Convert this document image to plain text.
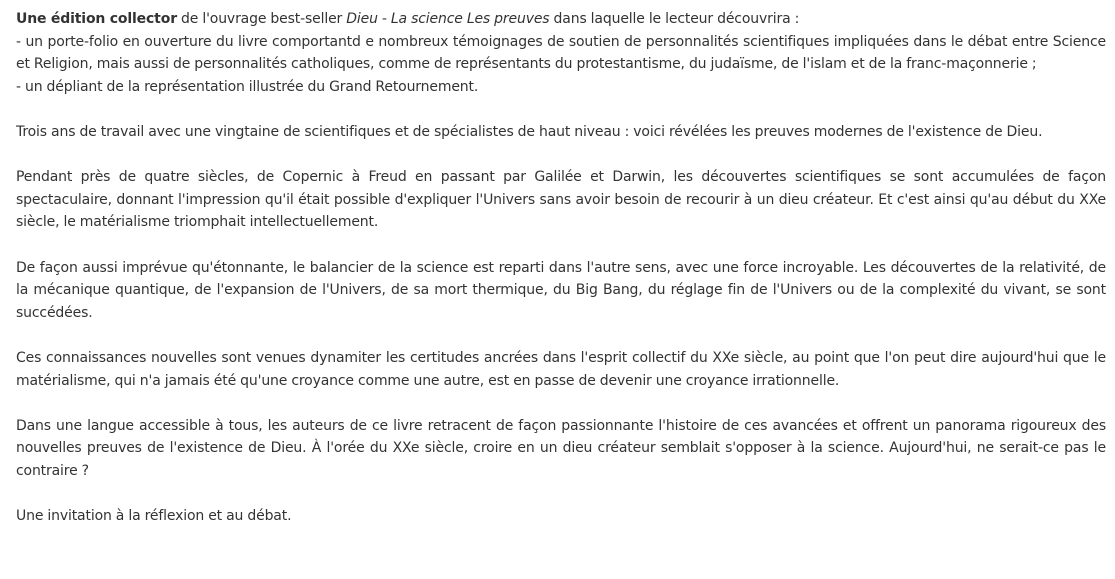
Une édition collector de l'ouvrage best-seller Dieu - La science Les preuves dans laquelle le lecteur découvrira :
- un porte-folio en ouverture du livre comportantd e nombreux témoignages de soutien de personnalités scientifiques impliquées dans le débat entre Science et Religion, mais aussi de personnalités catholiques, comme de représentants du protestantisme, du judaïsme, de l'islam et de la franc-maçonnerie ;
- un dépliant de la représentation illustrée du Grand Retournement.

Trois ans de travail avec une vingtaine de scientifiques et de spécialistes de haut niveau : voici révélées les preuves modernes de l'existence de Dieu.

Pendant près de quatre siècles, de Copernic à Freud en passant par Galilée et Darwin, les découvertes scientifiques se sont accumulées de façon spectaculaire, donnant l'impression qu'il était possible d'expliquer l'Univers sans avoir besoin de recourir à un dieu créateur. Et c'est ainsi qu'au début du XXe siècle, le matérialisme triomphait intellectuellement.

De façon aussi imprévue qu'étonnante, le balancier de la science est reparti dans l'autre sens, avec une force incroyable. Les découvertes de la relativité, de la mécanique quantique, de l'expansion de l'Univers, de sa mort thermique, du Big Bang, du réglage fin de l'Univers ou de la complexité du vivant, se sont succédées.

Ces connaissances nouvelles sont venues dynamiter les certitudes ancrées dans l'esprit collectif du XXe siècle, au point que l'on peut dire aujourd'hui que le matérialisme, qui n'a jamais été qu'une croyance comme une autre, est en passe de devenir une croyance irrationnelle.

Dans une langue accessible à tous, les auteurs de ce livre retracent de façon passionnante l'histoire de ces avancées et offrent un panorama rigoureux des nouvelles preuves de l'existence de Dieu. À l'orée du XXe siècle, croire en un dieu créateur semblait s'opposer à la science. Aujourd'hui, ne serait-ce pas le contraire ?

Une invitation à la réflexion et au débat.
